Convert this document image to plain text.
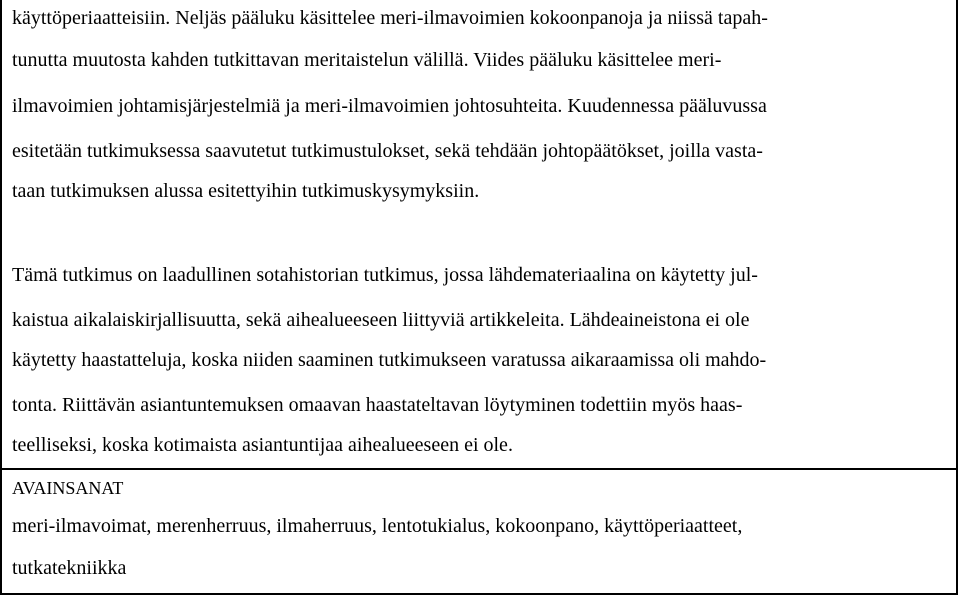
käyttöperiaatteisiin. Neljäs pääluku käsittelee meri-ilmavoimien kokoonpanoja ja niissä tapah-
tunutta muutosta kahden tutkittavan meritaistelun välillä. Viides pääluku käsittelee meri-
ilmavoimien johtamisjärjestelmiä ja meri-ilmavoimien johtosuhteita. Kuudennessa pääluvussa
esitetään tutkimuksessa saavutetut tutkimustulokset, sekä tehdään johtopäätökset, joilla vasta-
taan tutkimuksen alussa esitettyihin tutkimuskysymyksiin.
Tämä tutkimus on laadullinen sotahistorian tutkimus, jossa lähdemateriaalina on käytetty jul-
kaistua aikalaiskirjallisuutta, sekä aihealueeseen liittyviä artikkeleita. Lähdeaineistona ei ole
käytetty haastatteluja, koska niiden saaminen tutkimukseen varatussa aikaraamissa oli mahdo-
tonta. Riittävän asiantuntemuksen omaavan haastateltavan löytyminen todettiin myös haas-
teelliseksi, koska kotimaista asiantuntijaa aihealueeseen ei ole.
AVAINSANAT
meri-ilmavoimat, merenherruus, ilmaherruus, lentotukialus, kokoonpano, käyttöperiaatteet,
tutkatekniikka
